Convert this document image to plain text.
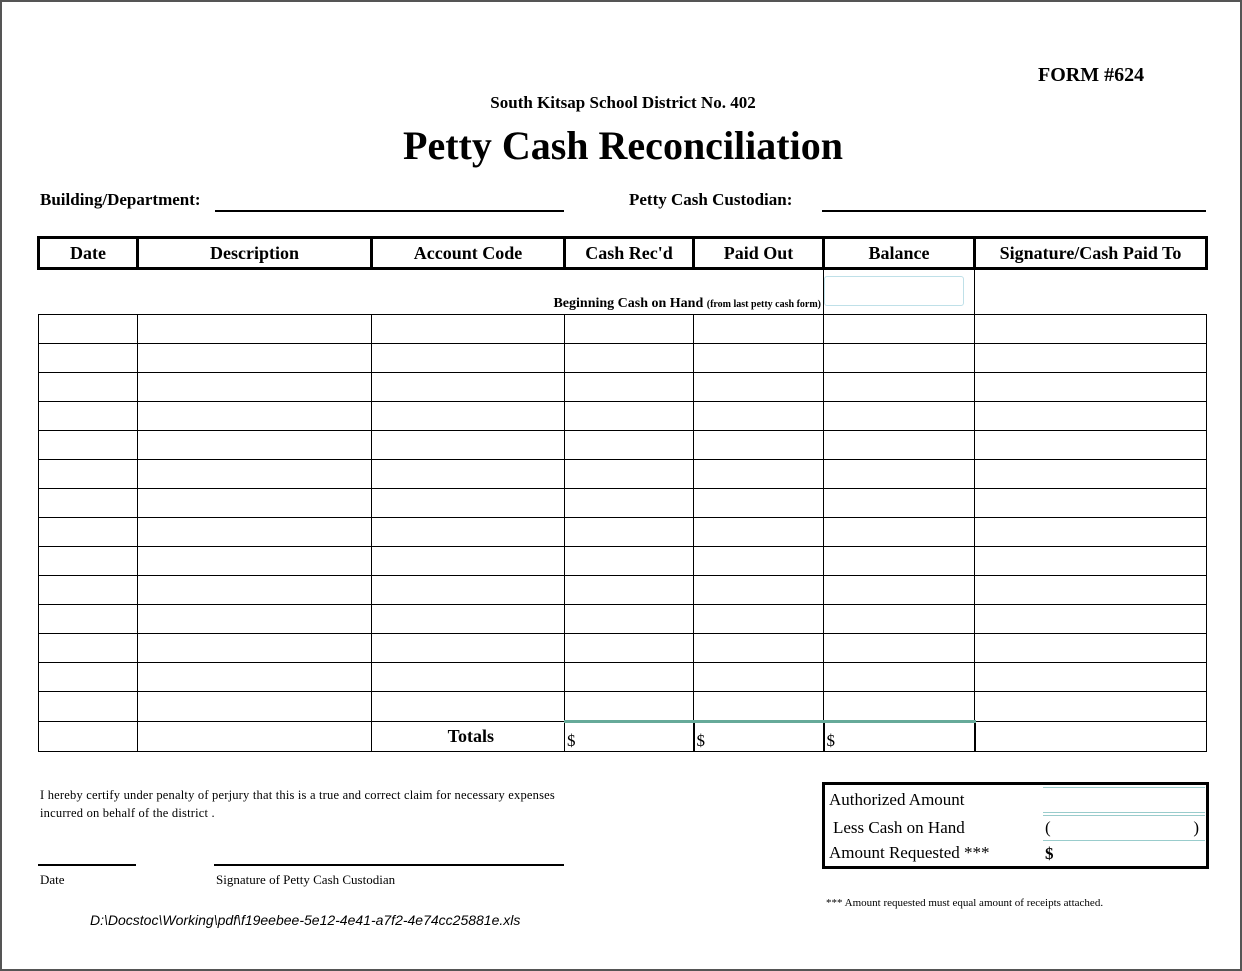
FORM #624
South Kitsap School District No. 402
Petty Cash Reconciliation
Building/Department:	Petty Cash Custodian:
Date	Description	Account Code	Cash Rec'd	Paid Out	Balance	Signature/Cash Paid To
Beginning Cash on Hand (from last petty cash form)					

		Totals	$	$	$	
I hereby certify under penalty of perjury that this is a true and correct claim for necessary expenses incurred on behalf of the district .
Date	Signature of Petty Cash Custodian
Authorized Amount
Less Cash on Hand	(	)
Amount Requested ***	$
*** Amount requested must equal amount of receipts attached.
D:\Docstoc\Working\pdf\f19eebee-5e12-4e41-a7f2-4e74cc25881e.xls
